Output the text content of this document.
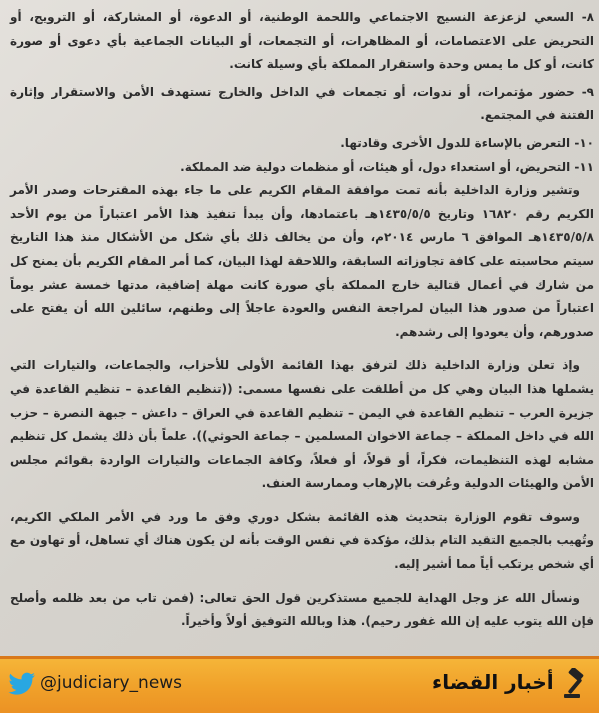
٨- السعي لزعزعة النسيج الاجتماعي واللحمة الوطنية، أو الدعوة، أو المشاركة، أو الترويج، أو التحريض على الاعتصامات، أو المظاهرات، أو التجمعات، أو البيانات الجماعية بأي دعوى أو صورة كانت، أو كل ما يمس وحدة واستقرار المملكة بأي وسيلة كانت.

٩- حضور مؤتمرات، أو ندوات، أو تجمعات في الداخل والخارج تستهدف الأمن والاستقرار وإثارة الفتنة في المجتمع.

١٠- التعرض بالإساءة للدول الأخرى وقادتها.

١١- التحريض، أو استعداء دول، أو هيئات، أو منظمات دولية ضد المملكة.

وتشير وزارة الداخلية بأنه تمت موافقة المقام الكريم على ما جاء بهذه المقترحات وصدر الأمر الكريم رقم ١٦٨٢٠ وتاريخ ١٤٣٥/٥/٥هـ باعتمادها، وأن يبدأ تنفيذ هذا الأمر اعتباراً من يوم الأحد ١٤٣٥/٥/٨هـ الموافق ٦ مارس ٢٠١٤م، وأن من يخالف ذلك بأي شكل من الأشكال منذ هذا التاريخ سيتم محاسبته على كافة تجاوزاته السابقة، واللاحقة لهذا البيان، كما أمر المقام الكريم بأن يمنح كل من شارك في أعمال قتالية خارج المملكة بأي صورة كانت مهلة إضافية، مدتها خمسة عشر يوماً اعتباراً من صدور هذا البيان لمراجعة النفس والعودة عاجلاً إلى وطنهم، سائلين الله أن يفتح على صدورهم، وأن يعودوا إلى رشدهم.

وإذ تعلن وزارة الداخلية ذلك لترفق بهذا القائمة الأولى للأحزاب، والجماعات، والتيارات التي يشملها هذا البيان وهي كل من أطلقت على نفسها مسمى: ((تنظيم القاعدة – تنظيم القاعدة في جزيرة العرب – تنظيم القاعدة في اليمن – تنظيم القاعدة في العراق – داعش – جبهة النصرة – حزب الله في داخل المملكة – جماعة الاخوان المسلمين – جماعة الحوثي)). علماً بأن ذلك يشمل كل تنظيم مشابه لهذه التنظيمات، فكراً، أو قولاً، أو فعلاً، وكافة الجماعات والتيارات الواردة بقوائم مجلس الأمن والهيئات الدولية وعُرفت بالإرهاب وممارسة العنف.

وسوف تقوم الوزارة بتحديث هذه القائمة بشكل دوري وفق ما ورد في الأمر الملكي الكريم، وتُهيب بالجميع التقيد التام بذلك، مؤكدة في نفس الوقت بأنه لن يكون هناك أي تساهل، أو تهاون مع أي شخص يرتكب أياً مما أشير إليه.

ونسأل الله عز وجل الهداية للجميع مستذكرين قول الحق تعالى: (فمن تاب من بعد ظلمه وأصلح فإن الله يتوب عليه إن الله غفور رحيم). هذا وبالله التوفيق أولاً وأخيراً.

@judiciary_news	أخبار القضاء
